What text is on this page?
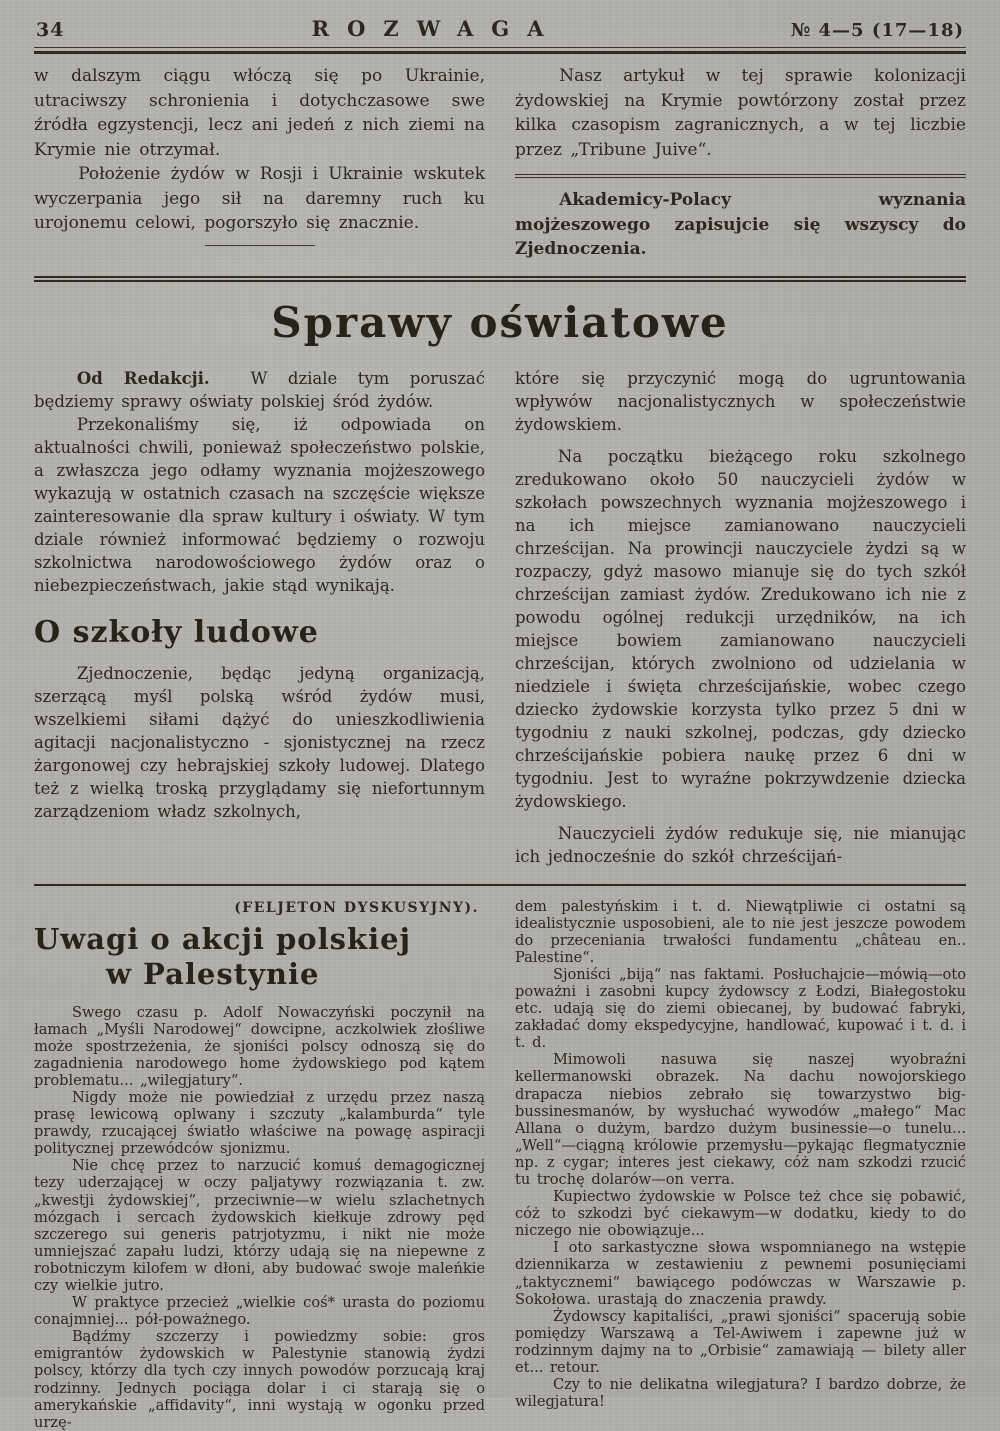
34	ROZWAGA	№ 4—5 (17—18)

w dalszym ciągu włóczą się po Ukrainie, utraciwszy schronienia i dotychczasowe swe źródła egzystencji, lecz ani jedeń z nich ziemi na Krymie nie otrzymał.

Położenie żydów w Rosji i Ukrainie wskutek wyczerpania jego sił na daremny ruch ku urojonemu celowi, pogorszyło się znacznie.

Nasz artykuł w tej sprawie kolonizacji żydowskiej na Krymie powtórzony został przez kilka czasopism zagranicznych, a w tej liczbie przez „Tribune Juive“.

Akademicy-Polacy wyznania mojżeszowego zapisujcie się wszyscy do Zjednoczenia.

Sprawy oświatowe

Od Redakcji. W dziale tym poruszać będziemy sprawy oświaty polskiej śród żydów.

Przekonaliśmy się, iż odpowiada on aktualności chwili, ponieważ społeczeństwo polskie, a zwłaszcza jego odłamy wyznania mojżeszowego wykazują w ostatnich czasach na szczęście większe zainteresowanie dla spraw kultury i oświaty. W tym dziale również informować będziemy o rozwoju szkolnictwa narodowościowego żydów oraz o niebezpieczeństwach, jakie stąd wynikają.

O szkoły ludowe

Zjednoczenie, będąc jedyną organizacją, szerzącą myśl polską wśród żydów musi, wszelkiemi siłami dążyć do unieszkodliwienia agitacji nacjonalistyczno - sjonistycznej na rzecz żargonowej czy hebrajskiej szkoły ludowej. Dlatego też z wielką troską przyglądamy się niefortunnym zarządzeniom władz szkolnych,

które się przyczynić mogą do ugruntowania wpływów nacjonalistycznych w społeczeństwie żydowskiem.

Na początku bieżącego roku szkolnego zredukowano około 50 nauczycieli żydów w szkołach powszechnych wyznania mojżeszowego i na ich miejsce zamianowano nauczycieli chrześcijan. Na prowincji nauczyciele żydzi są w rozpaczy, gdyż masowo mianuje się do tych szkół chrześcijan zamiast żydów. Zredukowano ich nie z powodu ogólnej redukcji urzędników, na ich miejsce bowiem zamianowano nauczycieli chrześcijan, których zwolniono od udzielania w niedziele i święta chrześcijańskie, wobec czego dziecko żydowskie korzysta tylko przez 5 dni w tygodniu z nauki szkolnej, podczas, gdy dziecko chrześcijańskie pobiera naukę przez 6 dni w tygodniu. Jest to wyraźne pokrzywdzenie dziecka żydowskiego.

Nauczycieli żydów redukuje się, nie mianując ich jednocześnie do szkół chrześcijań-

(FELJETON DYSKUSYJNY).
Uwagi o akcji polskiej
w Palestynie

Swego czasu p. Adolf Nowaczyński poczynił na łamach „Myśli Narodowej“ dowcipne, aczkolwiek złośliwe może spostrzeżenia, że sjoniści polscy odnoszą się do zagadnienia narodowego home żydowskiego pod kątem problematu... „wilegjatury“.

Nigdy może nie powiedział z urzędu przez naszą prasę lewicową oplwany i szczuty „kalamburda“ tyle prawdy, rzucającej światło właściwe na powagę aspiracji politycznej przewódców sjonizmu.

Nie chcę przez to narzucić komuś demagogicznej tezy uderzającej w oczy paljatywy rozwiązania t. zw. „kwestji żydowskiej“, przeciwnie—w wielu szlachetnych mózgach i sercach żydowskich kiełkuje zdrowy pęd szczerego sui generis patrjotyzmu, i nikt nie może umniejszać zapału ludzi, którzy udają się na niepewne z robotniczym kilofem w dłoni, aby budować swoje maleńkie czy wielkie jutro.

W praktyce przecież „wielkie coś* urasta do poziomu conajmniej... pół-poważnego.

Bądźmy szczerzy i powiedzmy sobie: gros emigrantów żydowskich w Palestynie stanowią żydzi polscy, którzy dla tych czy innych powodów porzucają kraj rodzinny. Jednych pociąga dolar i ci starają się o amerykańskie „affidavity“, inni wystają w ogonku przed urzę-

dem palestyńskim i t. d. Niewątpliwie ci ostatni są idealistycznie usposobieni, ale to nie jest jeszcze powodem do przeceniania trwałości fundamentu „château en.. Palestine“.

Sjoniści „biją“ nas faktami. Posłuchajcie—mówią—oto poważni i zasobni kupcy żydowscy z Łodzi, Białegostoku etc. udają się do ziemi obiecanej, by budować fabryki, zakładać domy ekspedycyjne, handlować, kupować i t. d. i t. d.

Mimowoli nasuwa się naszej wyobraźni kellermanowski obrazek. Na dachu nowojorskiego drapacza niebios zebrało się towarzystwo big-bussinesmanów, by wysłuchać wywodów „małego“ Mac Allana o dużym, bardzo dużym businessie—o tunelu... „Well“—ciągną królowie przemysłu—pykając flegmatycznie np. z cygar; interes jest ciekawy, cóż nam szkodzi rzucić tu trochę dolarów—on verra.

Kupiectwo żydowskie w Polsce też chce się pobawić, cóż to szkodzi być ciekawym—w dodatku, kiedy to do niczego nie obowiązuje...

I oto sarkastyczne słowa wspomnianego na wstępie dziennikarza w zestawieniu z pewnemi posunięciami „taktycznemi“ bawiącego podówczas w Warszawie p. Sokołowa. urastają do znaczenia prawdy.

Żydowscy kapitaliści, „prawi sjoniści“ spacerują sobie pomiędzy Warszawą a Tel-Awiwem i zapewne już w rodzinnym dajmy na to „Orbisie“ zamawiają — bilety aller et... retour.

Czy to nie delikatna wilegjatura? I bardzo dobrze, że wilegjatura!
